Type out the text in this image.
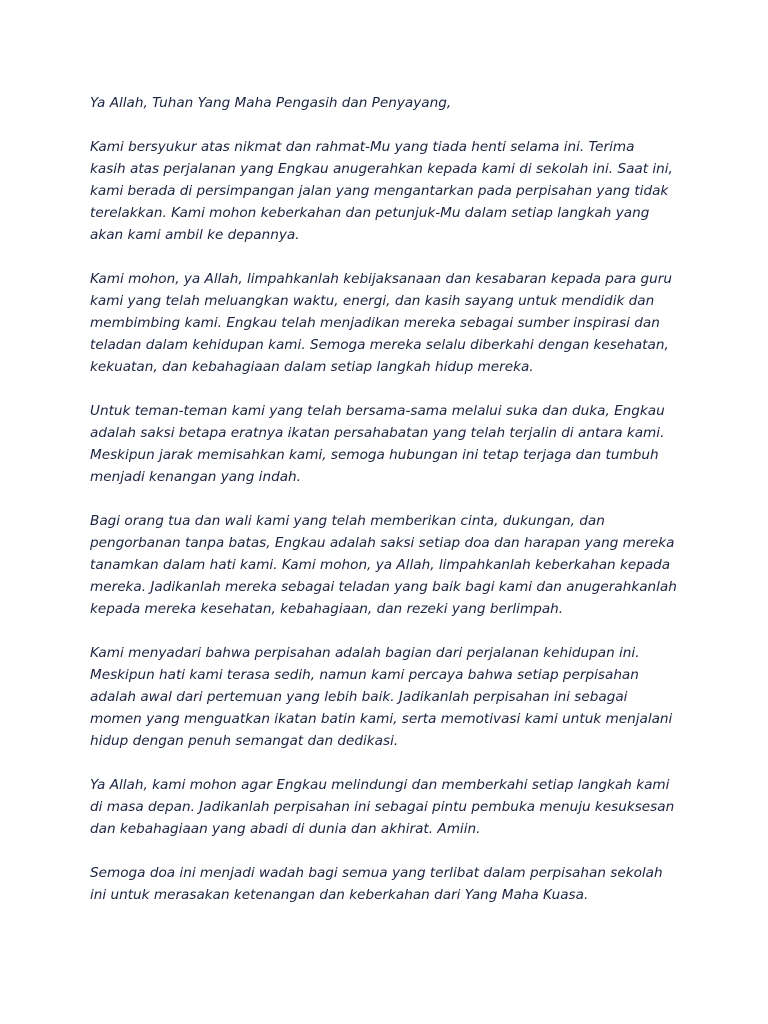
Ya Allah, Tuhan Yang Maha Pengasih dan Penyayang,
Kami bersyukur atas nikmat dan rahmat-Mu yang tiada henti selama ini. Terima
kasih atas perjalanan yang Engkau anugerahkan kepada kami di sekolah ini. Saat ini,
kami berada di persimpangan jalan yang mengantarkan pada perpisahan yang tidak
terelakkan. Kami mohon keberkahan dan petunjuk-Mu dalam setiap langkah yang
akan kami ambil ke depannya.
Kami mohon, ya Allah, limpahkanlah kebijaksanaan dan kesabaran kepada para guru
kami yang telah meluangkan waktu, energi, dan kasih sayang untuk mendidik dan
membimbing kami. Engkau telah menjadikan mereka sebagai sumber inspirasi dan
teladan dalam kehidupan kami. Semoga mereka selalu diberkahi dengan kesehatan,
kekuatan, dan kebahagiaan dalam setiap langkah hidup mereka.
Untuk teman-teman kami yang telah bersama-sama melalui suka dan duka, Engkau
adalah saksi betapa eratnya ikatan persahabatan yang telah terjalin di antara kami.
Meskipun jarak memisahkan kami, semoga hubungan ini tetap terjaga dan tumbuh
menjadi kenangan yang indah.
Bagi orang tua dan wali kami yang telah memberikan cinta, dukungan, dan
pengorbanan tanpa batas, Engkau adalah saksi setiap doa dan harapan yang mereka
tanamkan dalam hati kami. Kami mohon, ya Allah, limpahkanlah keberkahan kepada
mereka. Jadikanlah mereka sebagai teladan yang baik bagi kami dan anugerahkanlah
kepada mereka kesehatan, kebahagiaan, dan rezeki yang berlimpah.
Kami menyadari bahwa perpisahan adalah bagian dari perjalanan kehidupan ini.
Meskipun hati kami terasa sedih, namun kami percaya bahwa setiap perpisahan
adalah awal dari pertemuan yang lebih baik. Jadikanlah perpisahan ini sebagai
momen yang menguatkan ikatan batin kami, serta memotivasi kami untuk menjalani
hidup dengan penuh semangat dan dedikasi.
Ya Allah, kami mohon agar Engkau melindungi dan memberkahi setiap langkah kami
di masa depan. Jadikanlah perpisahan ini sebagai pintu pembuka menuju kesuksesan
dan kebahagiaan yang abadi di dunia dan akhirat. Amiin.
Semoga doa ini menjadi wadah bagi semua yang terlibat dalam perpisahan sekolah
ini untuk merasakan ketenangan dan keberkahan dari Yang Maha Kuasa.
